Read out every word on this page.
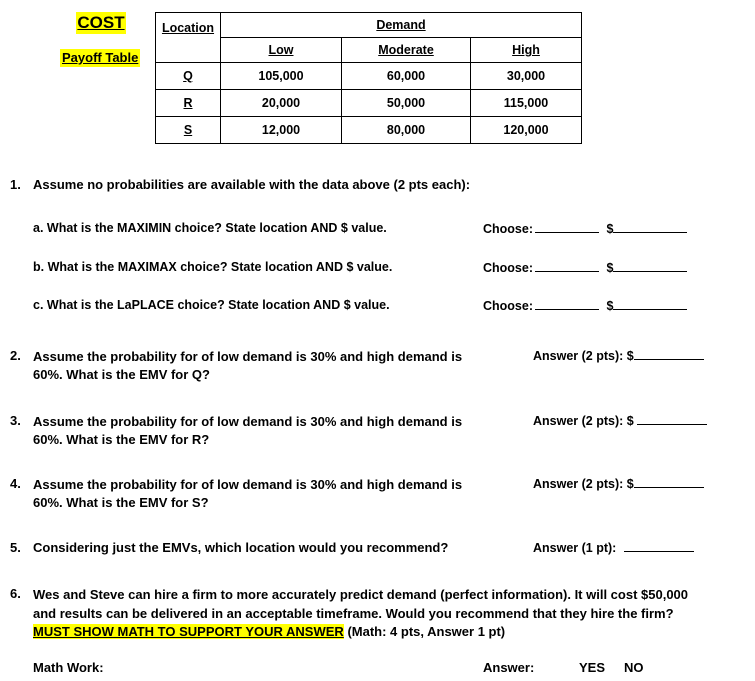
COST
Payoff Table
Location	Demand		
	Low	Moderate	High
Q	105,000	60,000	30,000
R	20,000	50,000	115,000
S	12,000	80,000	120,000
1. Assume no probabilities are available with the data above (2 pts each):
a. What is the MAXIMIN choice? State location AND $ value.	Choose:	$
b. What is the MAXIMAX choice? State location AND $ value.	Choose:	$
c. What is the LaPLACE choice? State location AND $ value.	Choose:	$
2. Assume the probability for of low demand is 30% and high demand is
60%. What is the EMV for Q?
Answer (2 pts): $
3. Assume the probability for of low demand is 30% and high demand is
60%. What is the EMV for R?
Answer (2 pts): $
4. Assume the probability for of low demand is 30% and high demand is
60%. What is the EMV for S?
Answer (2 pts): $
5. Considering just the EMVs, which location would you recommend?	Answer (1 pt):
6. Wes and Steve can hire a firm to more accurately predict demand (perfect information). It will cost $50,000
and results can be delivered in an acceptable timeframe. Would you recommend that they hire the firm?
MUST SHOW MATH TO SUPPORT YOUR ANSWER (Math: 4 pts, Answer 1 pt)
Math Work:	Answer:	YES NO
